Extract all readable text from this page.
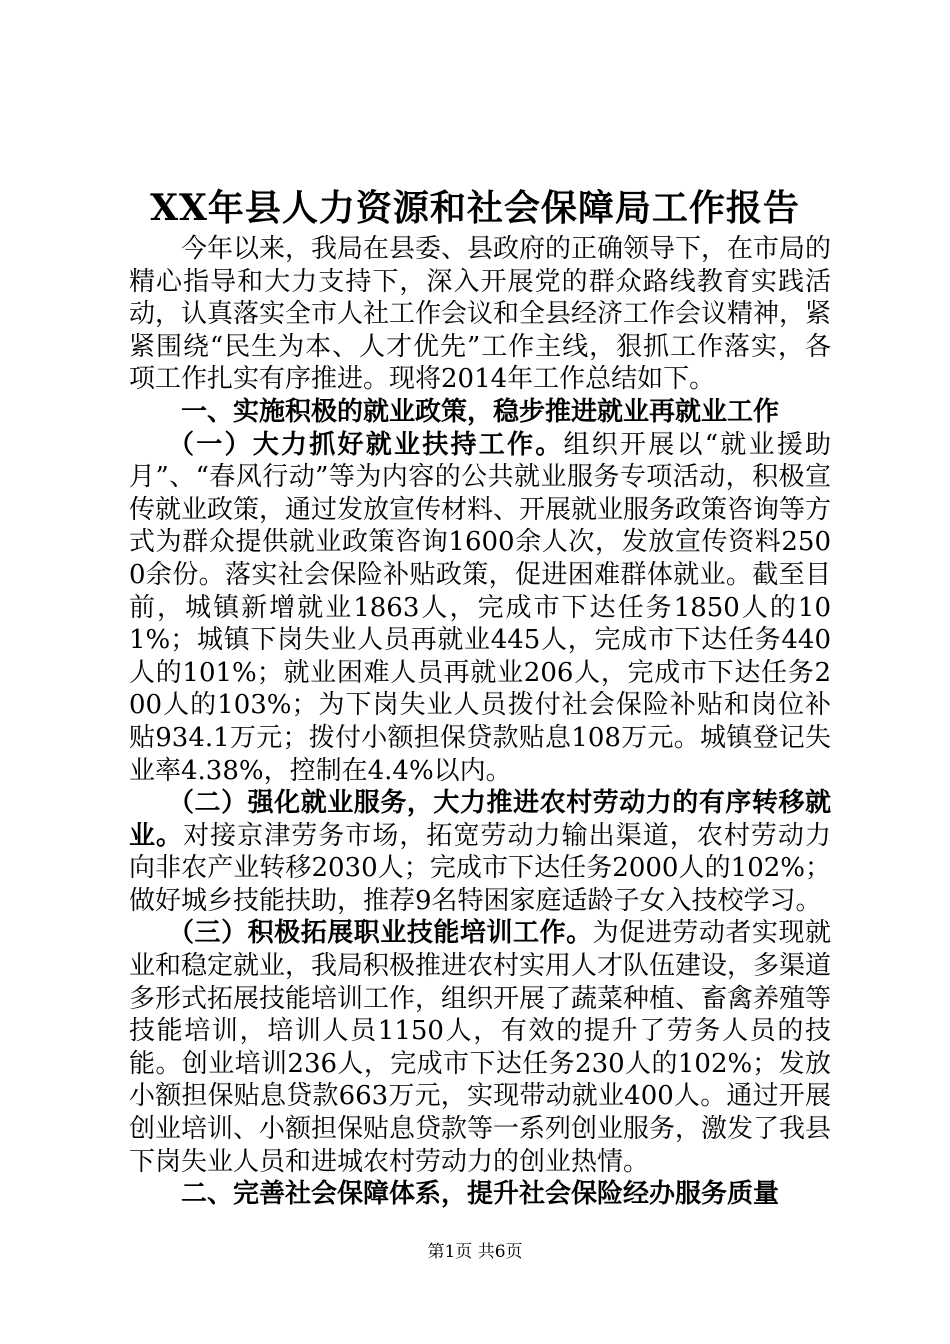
XX年县人力资源和社会保障局工作报告

今年以来，我局在县委、县政府的正确领导下，在市局的精心指导和大力支持下，深入开展党的群众路线教育实践活动，认真落实全市人社工作会议和全县经济工作会议精神，紧紧围绕“民生为本、人才优先”工作主线，狠抓工作落实，各项工作扎实有序推进。现将2014年工作总结如下。

一、实施积极的就业政策，稳步推进就业再就业工作

（一）大力抓好就业扶持工作。组织开展以“就业援助月”、“春风行动”等为内容的公共就业服务专项活动，积极宣传就业政策，通过发放宣传材料、开展就业服务政策咨询等方式为群众提供就业政策咨询1600余人次，发放宣传资料2500余份。落实社会保险补贴政策，促进困难群体就业。截至目前，城镇新增就业1863人，完成市下达任务1850人的101%；城镇下岗失业人员再就业445人，完成市下达任务440人的101%；就业困难人员再就业206人，完成市下达任务200人的103%；为下岗失业人员拨付社会保险补贴和岗位补贴934.1万元；拨付小额担保贷款贴息108万元。城镇登记失业率4.38%，控制在4.4%以内。

（二）强化就业服务，大力推进农村劳动力的有序转移就业。对接京津劳务市场，拓宽劳动力输出渠道，农村劳动力向非农产业转移2030人；完成市下达任务2000人的102%；做好城乡技能扶助，推荐9名特困家庭适龄子女入技校学习。

（三）积极拓展职业技能培训工作。为促进劳动者实现就业和稳定就业，我局积极推进农村实用人才队伍建设，多渠道多形式拓展技能培训工作，组织开展了蔬菜种植、畜禽养殖等技能培训，培训人员1150人，有效的提升了劳务人员的技能。创业培训236人，完成市下达任务230人的102%；发放小额担保贴息贷款663万元，实现带动就业400人。通过开展创业培训、小额担保贴息贷款等一系列创业服务，激发了我县下岗失业人员和进城农村劳动力的创业热情。

二、完善社会保障体系，提升社会保险经办服务质量

第1页 共6页
